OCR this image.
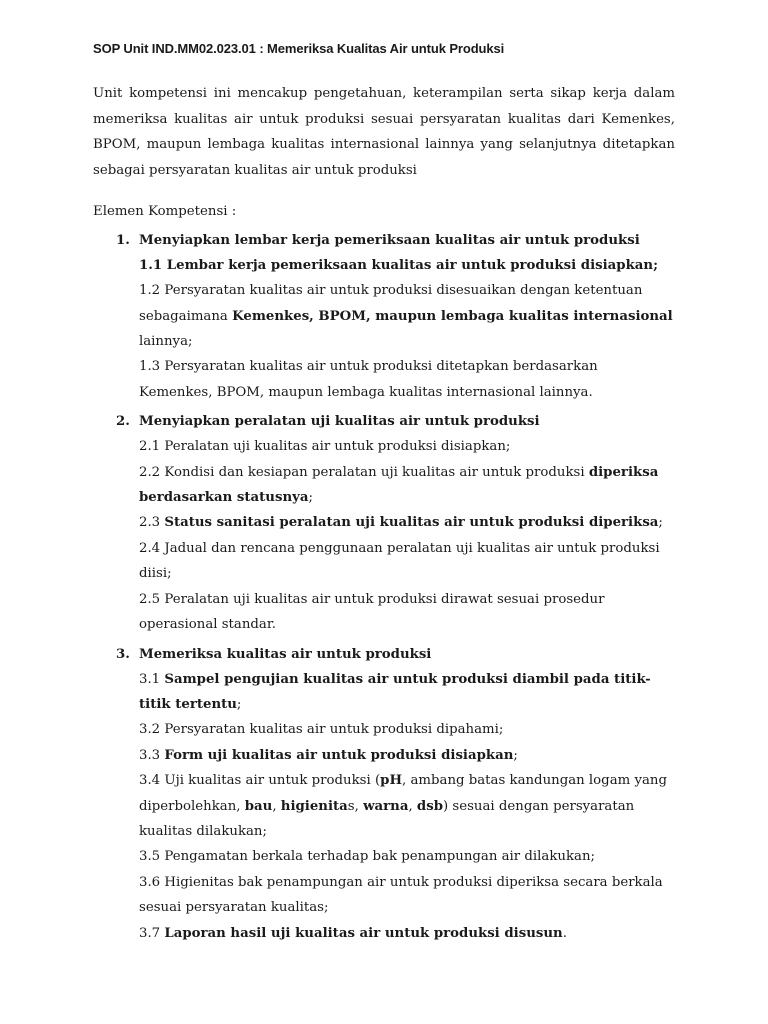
SOP Unit IND.MM02.023.01 : Memeriksa Kualitas Air untuk Produksi

Unit kompetensi ini mencakup pengetahuan, keterampilan serta sikap kerja dalam memeriksa kualitas air untuk produksi sesuai persyaratan kualitas dari Kemenkes, BPOM, maupun lembaga kualitas internasional lainnya yang selanjutnya ditetapkan sebagai persyaratan kualitas air untuk produksi

Elemen Kompetensi :
1. Menyiapkan lembar kerja pemeriksaan kualitas air untuk produksi
1.1 Lembar kerja pemeriksaan kualitas air untuk produksi disiapkan;
1.2 Persyaratan kualitas air untuk produksi disesuaikan dengan ketentuan sebagaimana Kemenkes, BPOM, maupun lembaga kualitas internasional lainnya;
1.3 Persyaratan kualitas air untuk produksi ditetapkan berdasarkan Kemenkes, BPOM, maupun lembaga kualitas internasional lainnya.
2. Menyiapkan peralatan uji kualitas air untuk produksi
2.1 Peralatan uji kualitas air untuk produksi disiapkan;
2.2 Kondisi dan kesiapan peralatan uji kualitas air untuk produksi diperiksa berdasarkan statusnya;
2.3 Status sanitasi peralatan uji kualitas air untuk produksi diperiksa;
2.4 Jadual dan rencana penggunaan peralatan uji kualitas air untuk produksi diisi;
2.5 Peralatan uji kualitas air untuk produksi dirawat sesuai prosedur operasional standar.
3. Memeriksa kualitas air untuk produksi
3.1 Sampel pengujian kualitas air untuk produksi diambil pada titik-titik tertentu;
3.2 Persyaratan kualitas air untuk produksi dipahami;
3.3 Form uji kualitas air untuk produksi disiapkan;
3.4 Uji kualitas air untuk produksi (pH, ambang batas kandungan logam yang diperbolehkan, bau, higienitas, warna, dsb) sesuai dengan persyaratan kualitas dilakukan;
3.5 Pengamatan berkala terhadap bak penampungan air dilakukan;
3.6 Higienitas bak penampungan air untuk produksi diperiksa secara berkala sesuai persyaratan kualitas;
3.7 Laporan hasil uji kualitas air untuk produksi disusun.
